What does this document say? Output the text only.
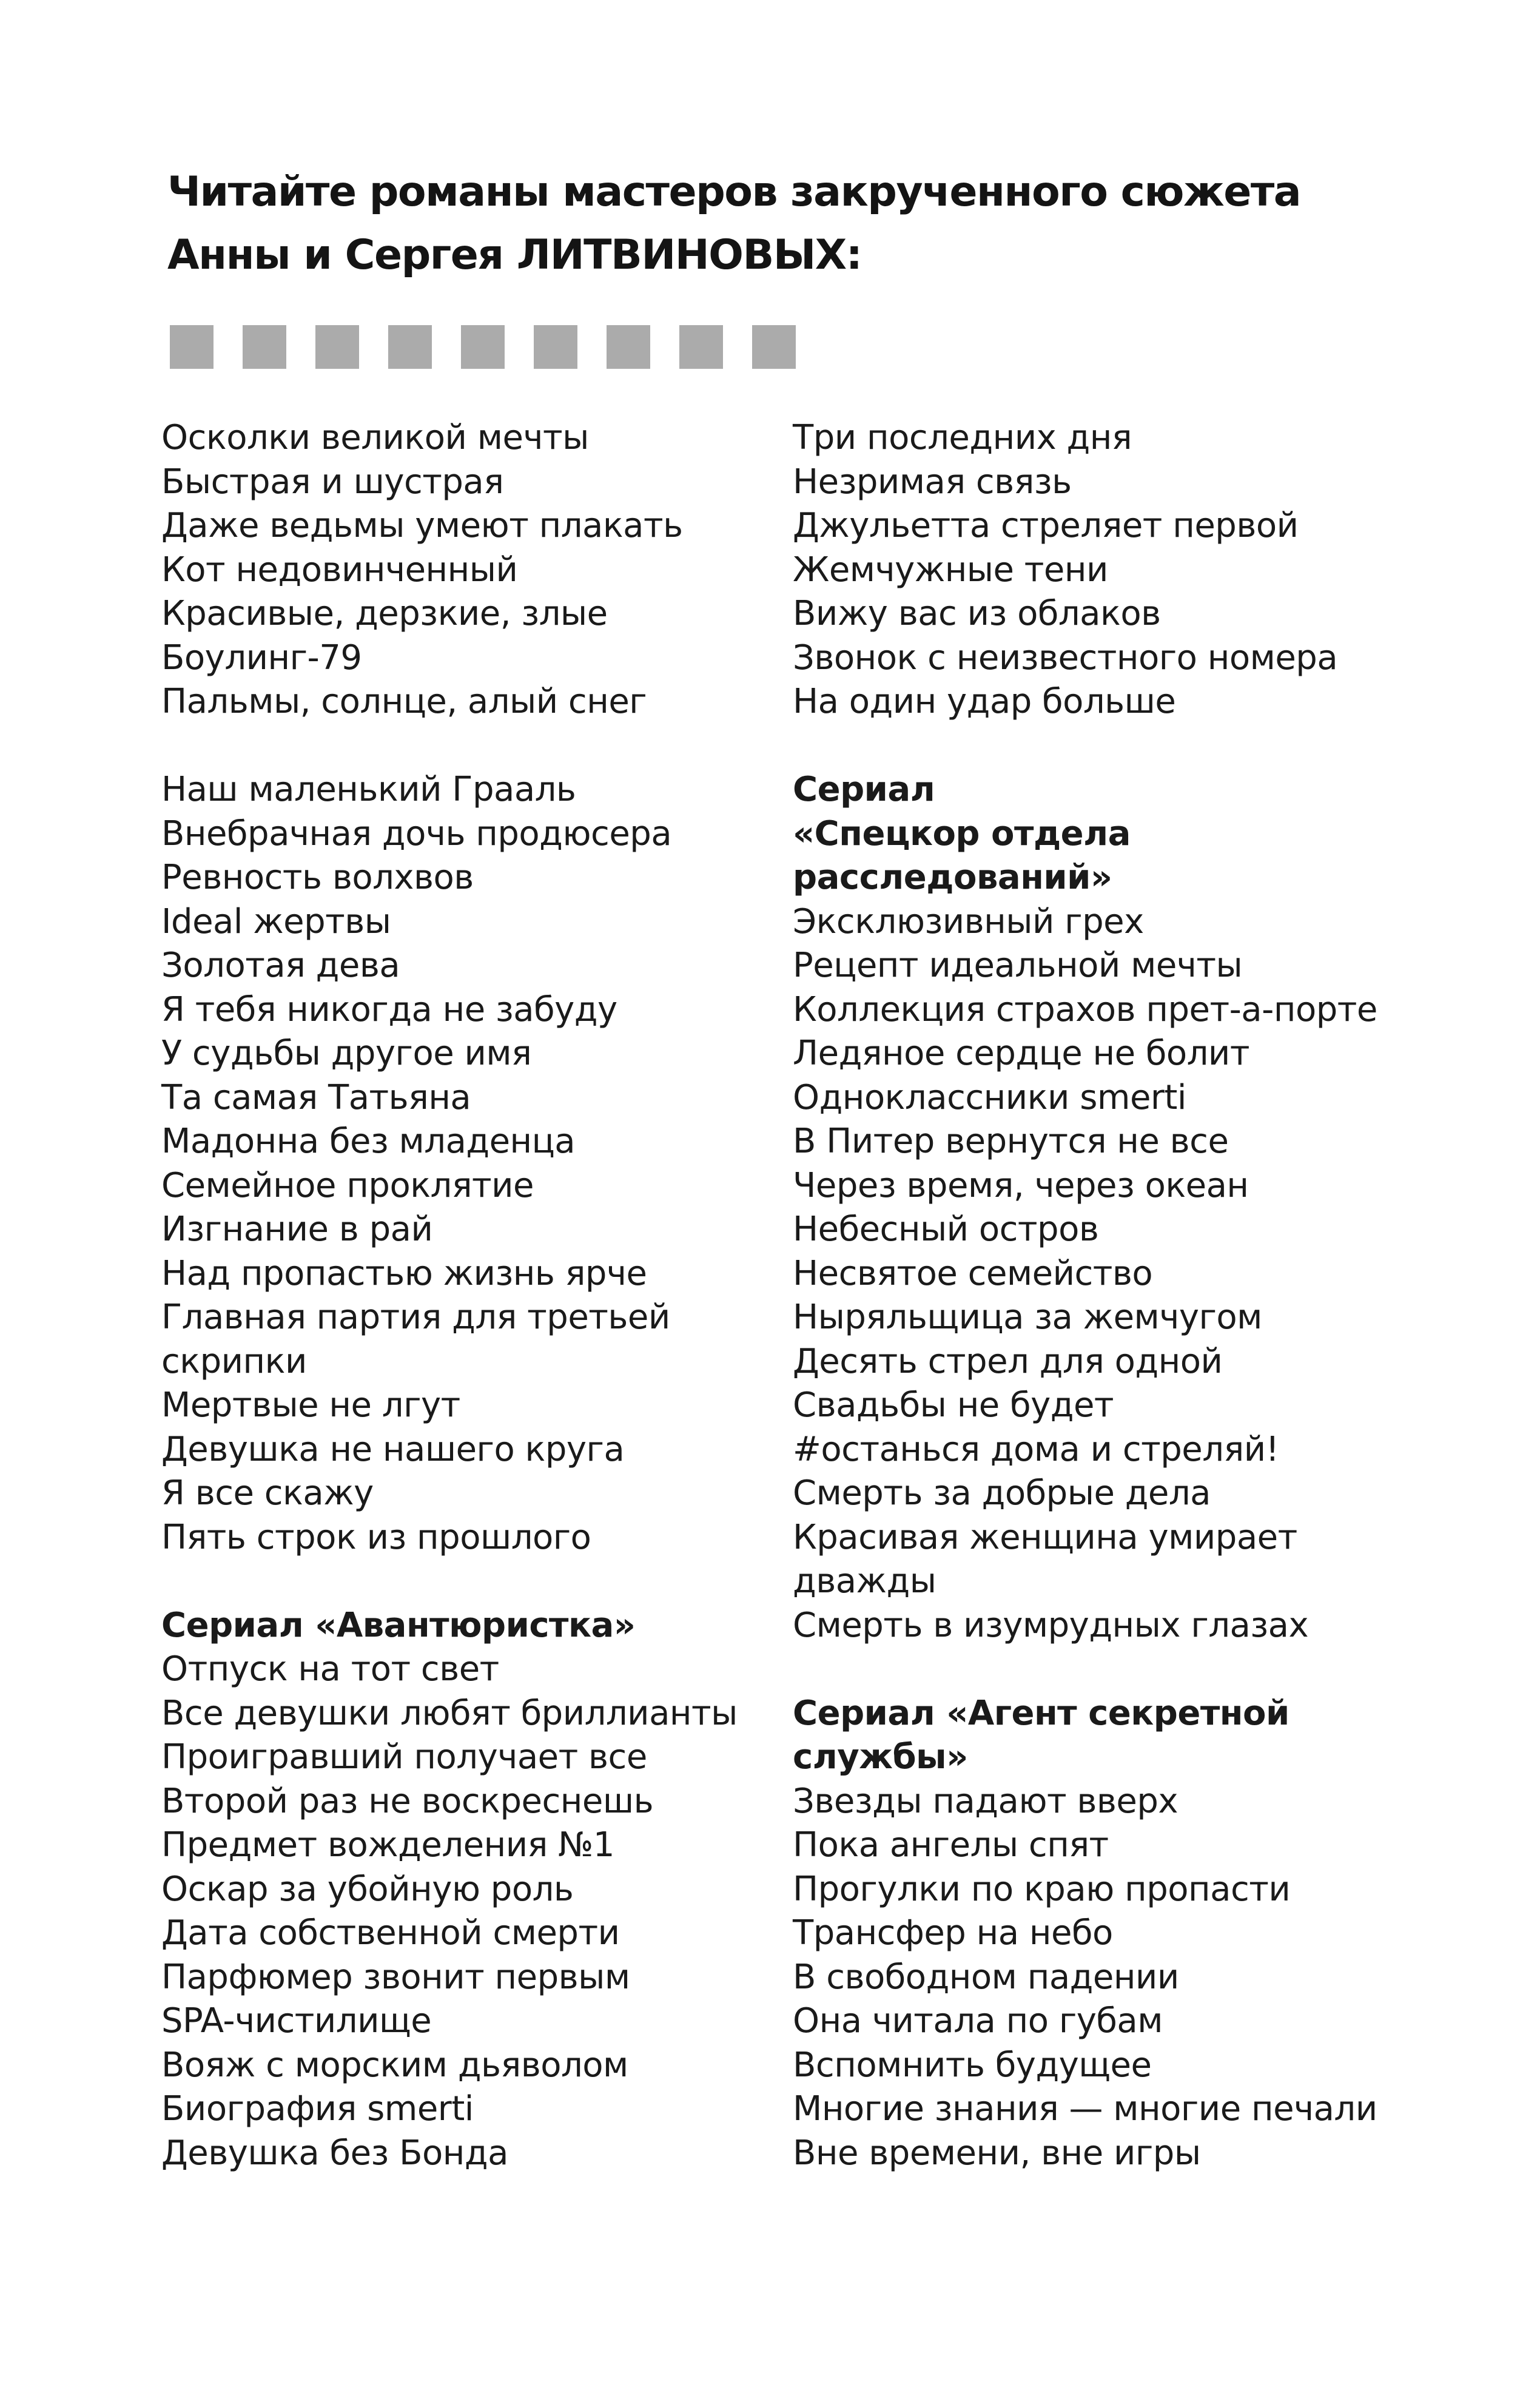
Читайте романы мастеров закрученного сюжета
Анны и Сергея ЛИТВИНОВЫХ:
Осколки великой мечты
Быстрая и шустрая
Даже ведьмы умеют плакать
Кот недовинченный
Красивые, дерзкие, злые
Боулинг-79
Пальмы, солнце, алый снег
Наш маленький Грааль
Внебрачная дочь продюсера
Ревность волхвов
Ideal жертвы
Золотая дева
Я тебя никогда не забуду
У судьбы другое имя
Та самая Татьяна
Мадонна без младенца
Семейное проклятие
Изгнание в рай
Над пропастью жизнь ярче
Главная партия для третьей
скрипки
Мертвые не лгут
Девушка не нашего круга
Я все скажу
Пять строк из прошлого
Сериал «Авантюристка»
Отпуск на тот свет
Все девушки любят бриллианты
Проигравший получает все
Второй раз не воскреснешь
Предмет вожделения №1
Оскар за убойную роль
Дата собственной смерти
Парфюмер звонит первым
SPA-чистилище
Вояж с морским дьяволом
Биография smerti
Девушка без Бонда
Три последних дня
Незримая связь
Джульетта стреляет первой
Жемчужные тени
Вижу вас из облаков
Звонок с неизвестного номера
На один удар больше
Сериал
«Спецкор отдела
расследований»
Эксклюзивный грех
Рецепт идеальной мечты
Коллекция страхов прет-а-порте
Ледяное сердце не болит
Одноклассники smerti
В Питер вернутся не все
Через время, через океан
Небесный остров
Несвятое семейство
Ныряльщица за жемчугом
Десять стрел для одной
Свадьбы не будет
#останься дома и стреляй!
Смерть за добрые дела
Красивая женщина умирает
дважды
Смерть в изумрудных глазах
Сериал «Агент секретной
службы»
Звезды падают вверх
Пока ангелы спят
Прогулки по краю пропасти
Трансфер на небо
В свободном падении
Она читала по губам
Вспомнить будущее
Многие знания — многие печали
Вне времени, вне игры
